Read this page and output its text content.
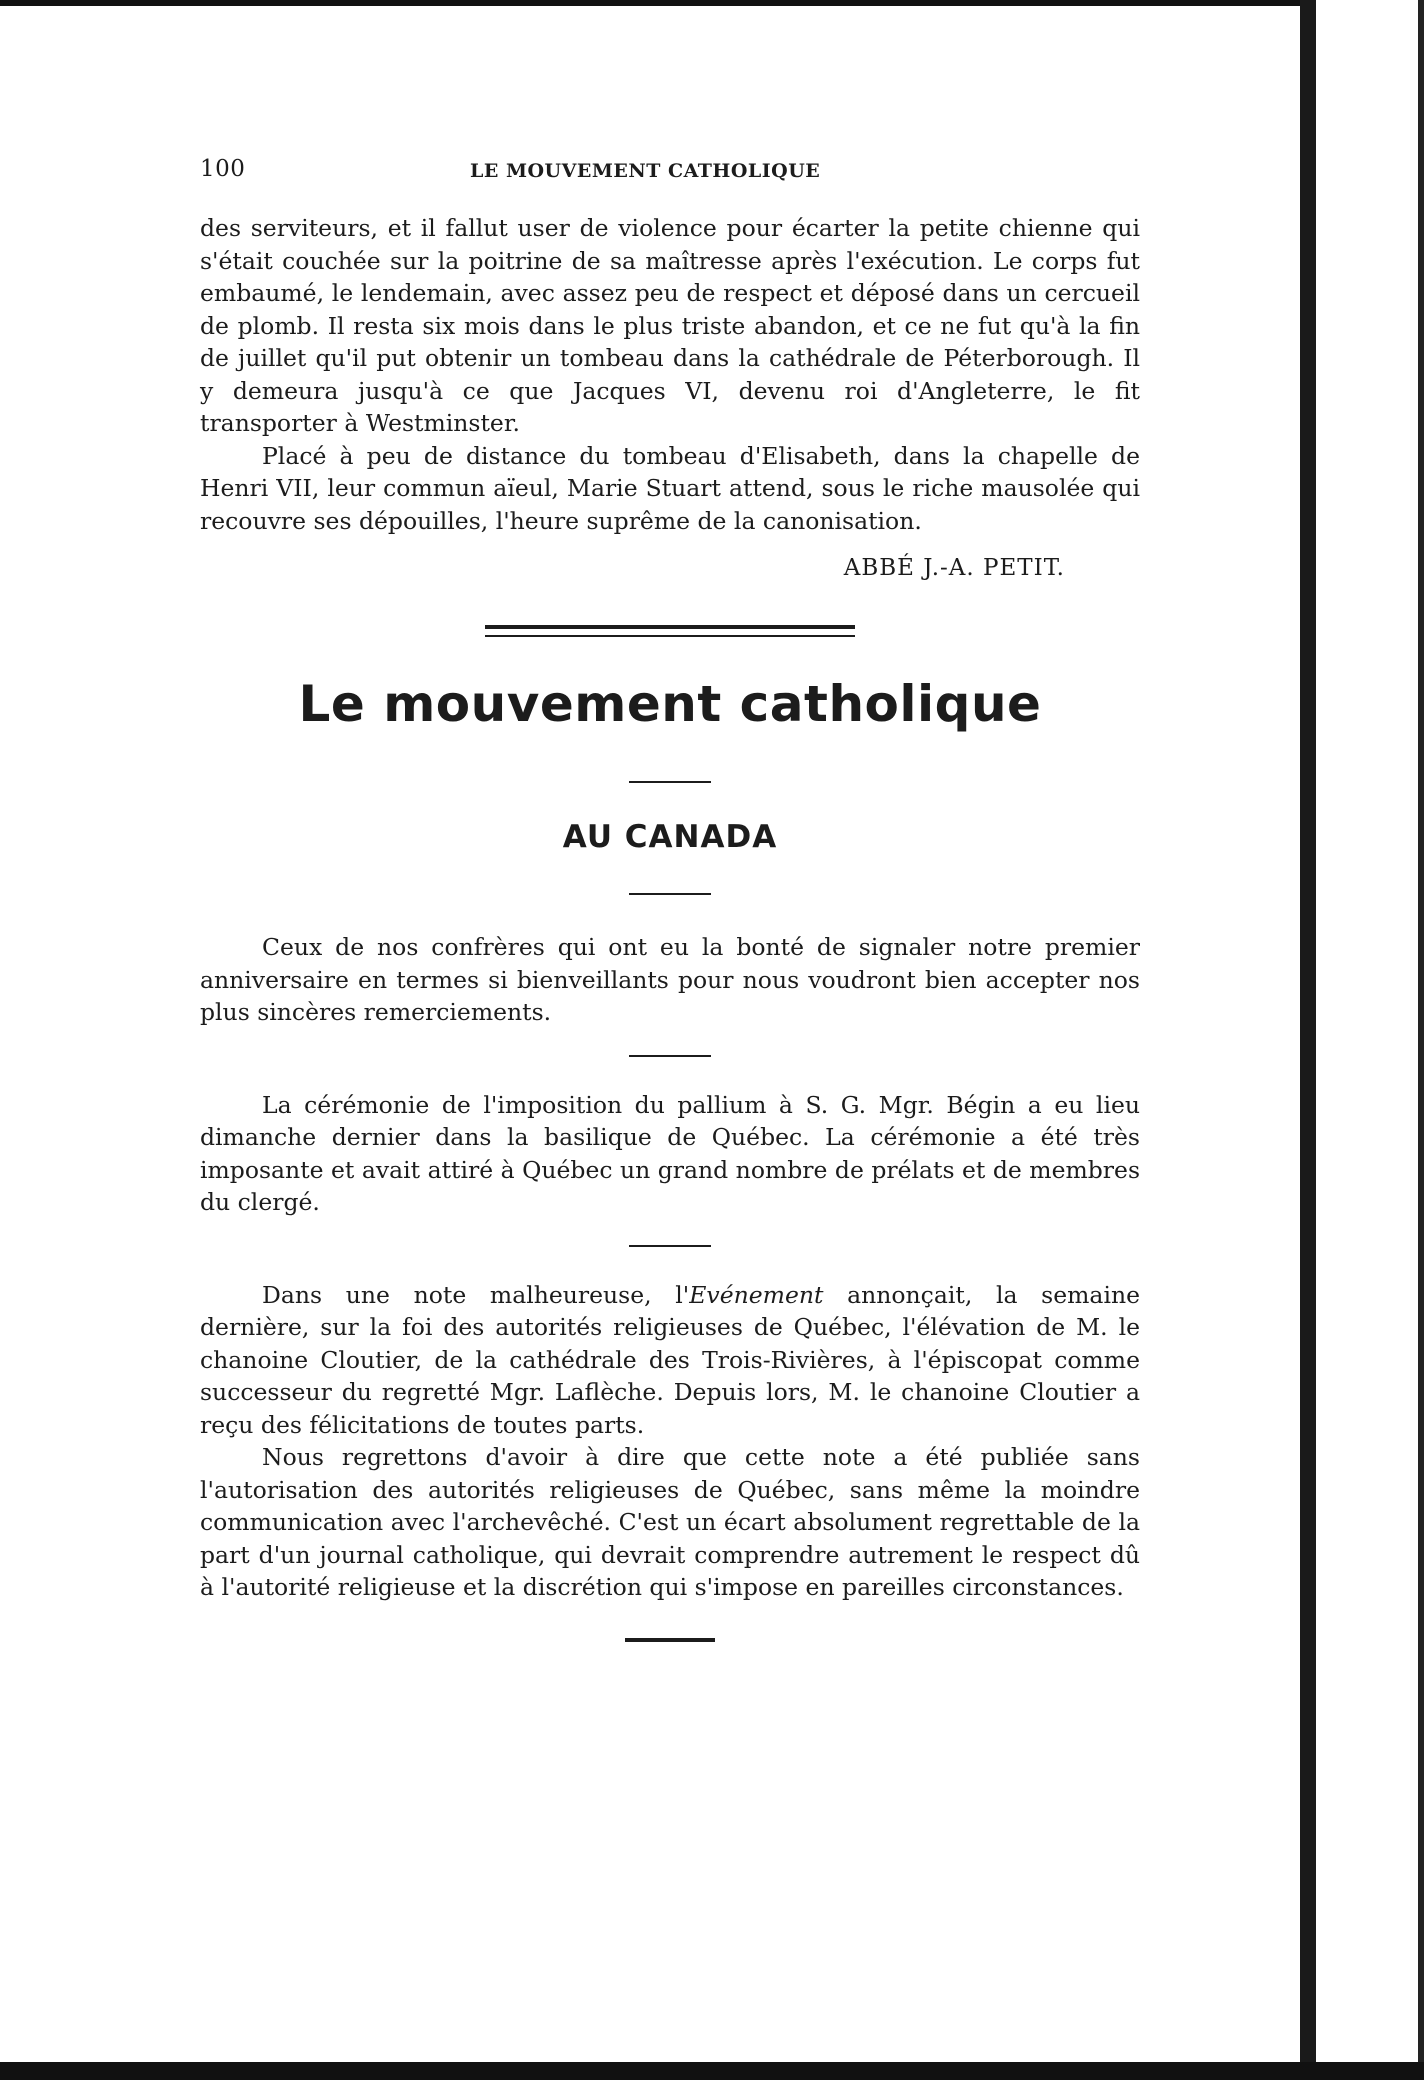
100	LE MOUVEMENT CATHOLIQUE

des serviteurs, et il fallut user de violence pour écarter la petite chienne qui s'était couchée sur la poitrine de sa maîtresse après l'exécution. Le corps fut embaumé, le lendemain, avec assez peu de respect et déposé dans un cercueil de plomb. Il resta six mois dans le plus triste abandon, et ce ne fut qu'à la fin de juillet qu'il put obtenir un tombeau dans la cathédrale de Péterborough. Il y demeura jusqu'à ce que Jacques VI, devenu roi d'Angleterre, le fit transporter à Westminster.

Placé à peu de distance du tombeau d'Elisabeth, dans la chapelle de Henri VII, leur commun aïeul, Marie Stuart attend, sous le riche mausolée qui recouvre ses dépouilles, l'heure suprême de la canonisation.

ABBÉ J.-A. PETIT.
Le mouvement catholique
AU CANADA

Ceux de nos confrères qui ont eu la bonté de signaler notre premier anniversaire en termes si bienveillants pour nous voudront bien accepter nos plus sincères remerciements.

La cérémonie de l'imposition du pallium à S. G. Mgr. Bégin a eu lieu dimanche dernier dans la basilique de Québec. La cérémonie a été très imposante et avait attiré à Québec un grand nombre de prélats et de membres du clergé.

Dans une note malheureuse, l'Evénement annonçait, la semaine dernière, sur la foi des autorités religieuses de Québec, l'élévation de M. le chanoine Cloutier, de la cathédrale des Trois-Rivières, à l'épiscopat comme successeur du regretté Mgr. Laflèche. Depuis lors, M. le chanoine Cloutier a reçu des félicitations de toutes parts.

Nous regrettons d'avoir à dire que cette note a été publiée sans l'autorisation des autorités religieuses de Québec, sans même la moindre communication avec l'archevêché. C'est un écart absolument regrettable de la part d'un journal catholique, qui devrait comprendre autrement le respect dû à l'autorité religieuse et la discrétion qui s'impose en pareilles circonstances.
